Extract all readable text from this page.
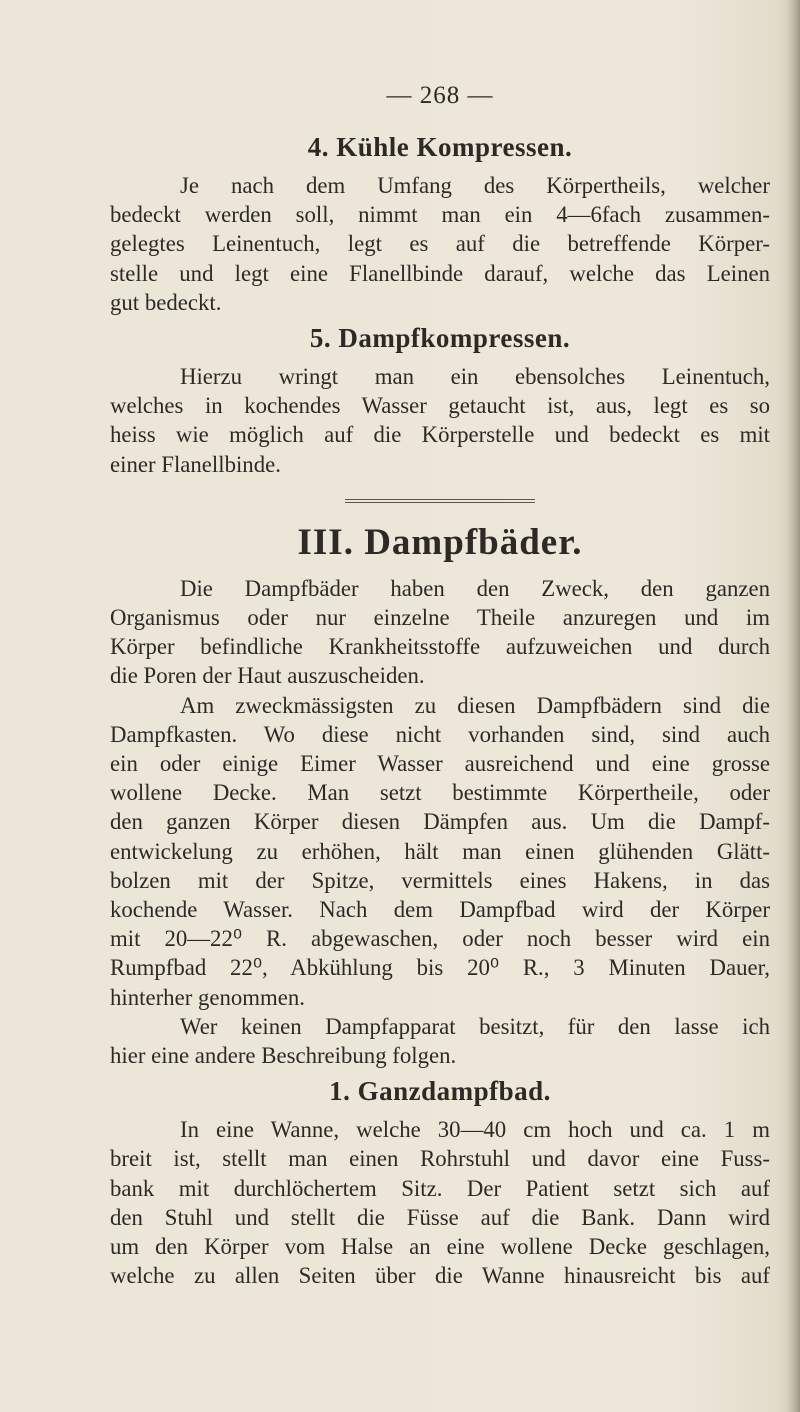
— 268 —
4. Kühle Kompressen.

Je nach dem Umfang des Körpertheils, welcher
bedeckt werden soll, nimmt man ein 4—6fach zusammen-
gelegtes Leinentuch, legt es auf die betreffende Körper-
stelle und legt eine Flanellbinde darauf, welche das Leinen
gut bedeckt.

5. Dampfkompressen.

Hierzu wringt man ein ebensolches Leinentuch,
welches in kochendes Wasser getaucht ist, aus, legt es so
heiss wie möglich auf die Körperstelle und bedeckt es mit
einer Flanellbinde.

III. Dampfbäder.

Die Dampfbäder haben den Zweck, den ganzen
Organismus oder nur einzelne Theile anzuregen und im
Körper befindliche Krankheitsstoffe aufzuweichen und durch
die Poren der Haut auszuscheiden.

Am zweckmässigsten zu diesen Dampfbädern sind die
Dampfkasten. Wo diese nicht vorhanden sind, sind auch
ein oder einige Eimer Wasser ausreichend und eine grosse
wollene Decke. Man setzt bestimmte Körpertheile, oder
den ganzen Körper diesen Dämpfen aus. Um die Dampf-
entwickelung zu erhöhen, hält man einen glühenden Glätt-
bolzen mit der Spitze, vermittels eines Hakens, in das
kochende Wasser. Nach dem Dampfbad wird der Körper
mit 20—22⁰ R. abgewaschen, oder noch besser wird ein
Rumpfbad 22⁰, Abkühlung bis 20⁰ R., 3 Minuten Dauer,
hinterher genommen.

Wer keinen Dampfapparat besitzt, für den lasse ich
hier eine andere Beschreibung folgen.

1. Ganzdampfbad.

In eine Wanne, welche 30—40 cm hoch und ca. 1 m
breit ist, stellt man einen Rohrstuhl und davor eine Fuss-
bank mit durchlöchertem Sitz. Der Patient setzt sich auf
den Stuhl und stellt die Füsse auf die Bank. Dann wird
um den Körper vom Halse an eine wollene Decke geschlagen,
welche zu allen Seiten über die Wanne hinausreicht bis auf
